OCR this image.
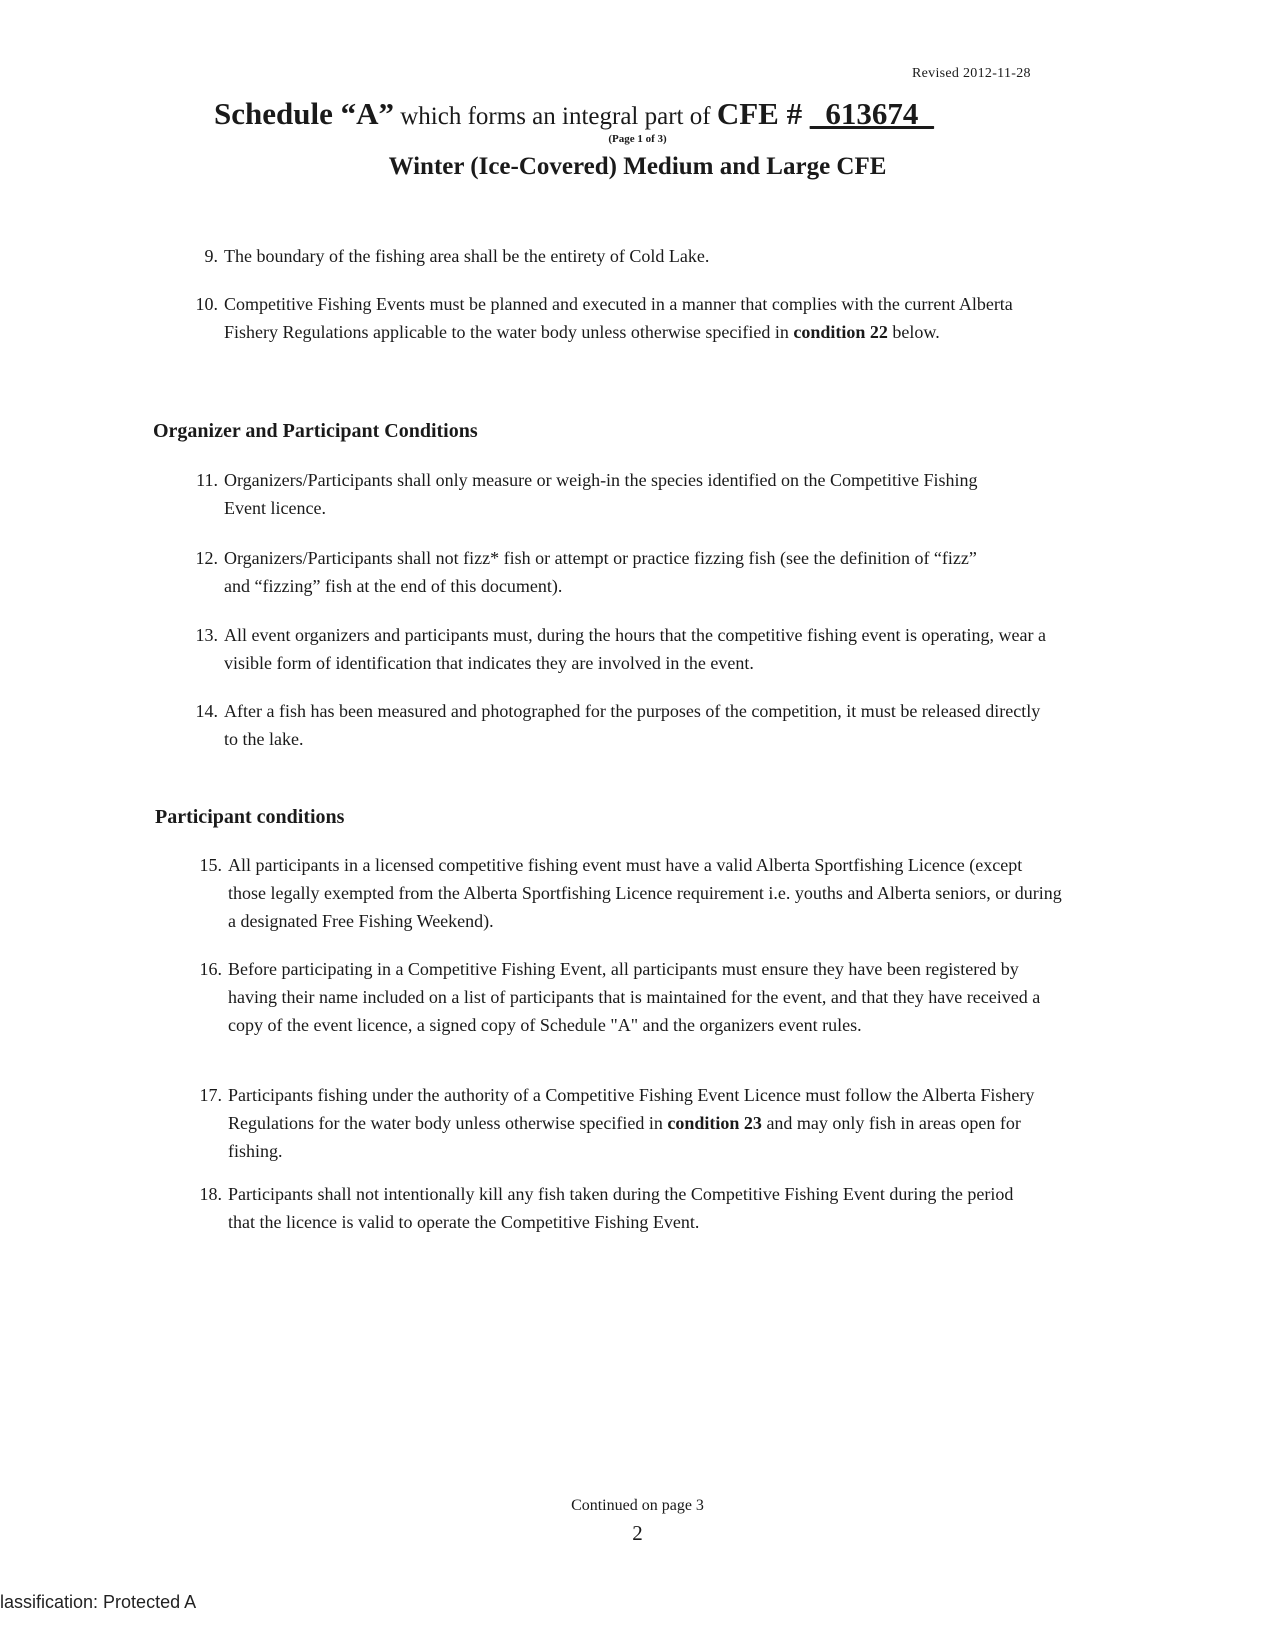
Revised 2012-11-28
Schedule “A” which forms an integral part of CFE # _613674_
(Page 1 of 3)
Winter (Ice-Covered) Medium and Large CFE
9. The boundary of the fishing area shall be the entirety of Cold Lake.
10. Competitive Fishing Events must be planned and executed in a manner that complies with the current Alberta Fishery Regulations applicable to the water body unless otherwise specified in condition 22 below.
Organizer and Participant Conditions
11. Organizers/Participants shall only measure or weigh-in the species identified on the Competitive Fishing Event licence.
12. Organizers/Participants shall not fizz* fish or attempt or practice fizzing fish (see the definition of “fizz” and “fizzing” fish at the end of this document).
13. All event organizers and participants must, during the hours that the competitive fishing event is operating, wear a visible form of identification that indicates they are involved in the event.
14. After a fish has been measured and photographed for the purposes of the competition, it must be released directly to the lake.
Participant conditions
15. All participants in a licensed competitive fishing event must have a valid Alberta Sportfishing Licence (except those legally exempted from the Alberta Sportfishing Licence requirement i.e. youths and Alberta seniors, or during a designated Free Fishing Weekend).
16. Before participating in a Competitive Fishing Event, all participants must ensure they have been registered by having their name included on a list of participants that is maintained for the event, and that they have received a copy of the event licence, a signed copy of Schedule "A" and the organizers event rules.
17. Participants fishing under the authority of a Competitive Fishing Event Licence must follow the Alberta Fishery Regulations for the water body unless otherwise specified in condition 23 and may only fish in areas open for fishing.
18. Participants shall not intentionally kill any fish taken during the Competitive Fishing Event during the period that the licence is valid to operate the Competitive Fishing Event.
Continued on page 3
2
lassification: Protected A
